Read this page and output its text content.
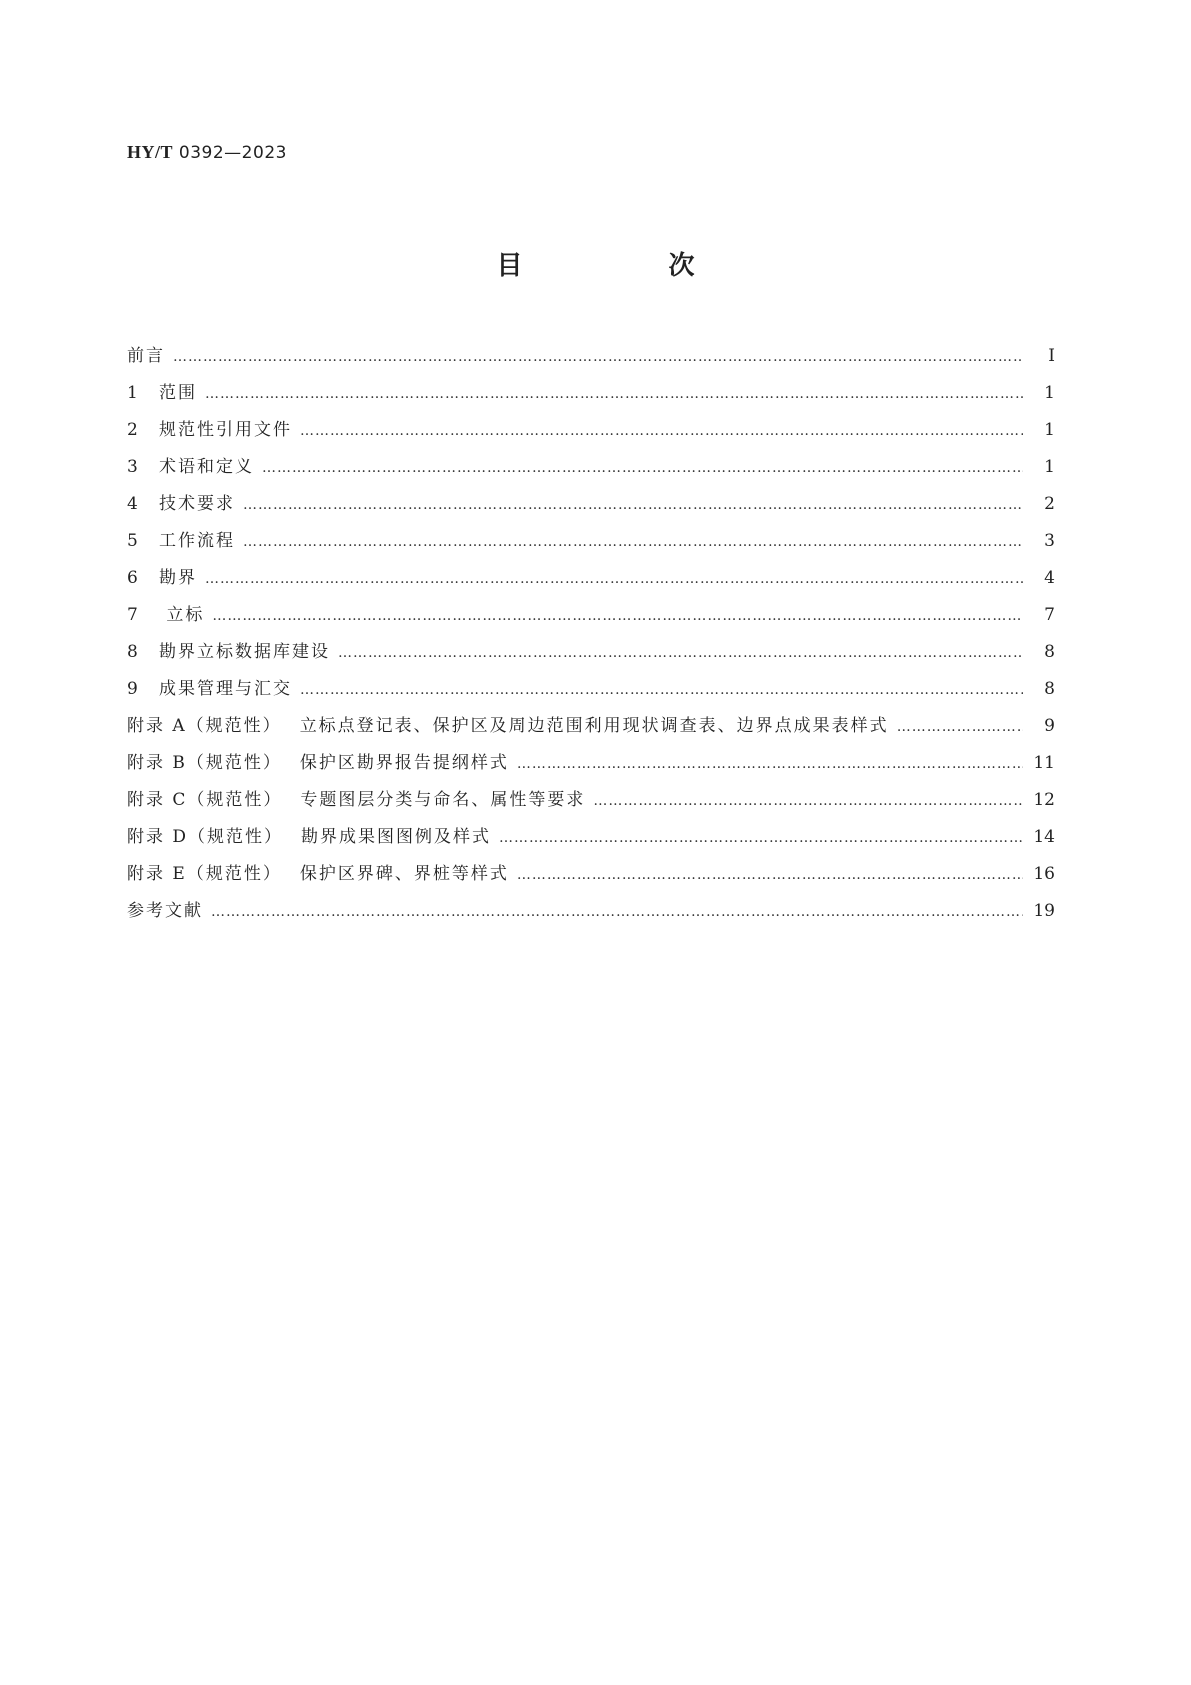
HY/T 0392—2023
目　次
前言 …………………………………………………………………………………………………………………………………………………………………………………………………………………………	Ⅰ
1 范围 …………………………………………………………………………………………………………………………………………………………………………………………………………………………	1
2 规范性引用文件 …………………………………………………………………………………………………………………………………………………………………………………………………………………………	1
3 术语和定义 …………………………………………………………………………………………………………………………………………………………………………………………………………………………	1
4 技术要求 …………………………………………………………………………………………………………………………………………………………………………………………………………………………	2
5 工作流程 …………………………………………………………………………………………………………………………………………………………………………………………………………………………	3
6 勘界 …………………………………………………………………………………………………………………………………………………………………………………………………………………………	4
7 立标 …………………………………………………………………………………………………………………………………………………………………………………………………………………………	7
8 勘界立标数据库建设 …………………………………………………………………………………………………………………………………………………………………………………………………………………………	8
9 成果管理与汇交 …………………………………………………………………………………………………………………………………………………………………………………………………………………………	8
附录 A（规范性） 立标点登记表、保护区及周边范围利用现状调查表、边界点成果表样式 …………………………………………………………………………………………………………………………………………………………………………………………………………………………	9
附录 B（规范性） 保护区勘界报告提纲样式 …………………………………………………………………………………………………………………………………………………………………………………………………………………………	11
附录 C（规范性） 专题图层分类与命名、属性等要求 …………………………………………………………………………………………………………………………………………………………………………………………………………………………	12
附录 D（规范性） 勘界成果图图例及样式 …………………………………………………………………………………………………………………………………………………………………………………………………………………………	14
附录 E（规范性） 保护区界碑、界桩等样式 …………………………………………………………………………………………………………………………………………………………………………………………………………………………	16
参考文献 …………………………………………………………………………………………………………………………………………………………………………………………………………………………	19
